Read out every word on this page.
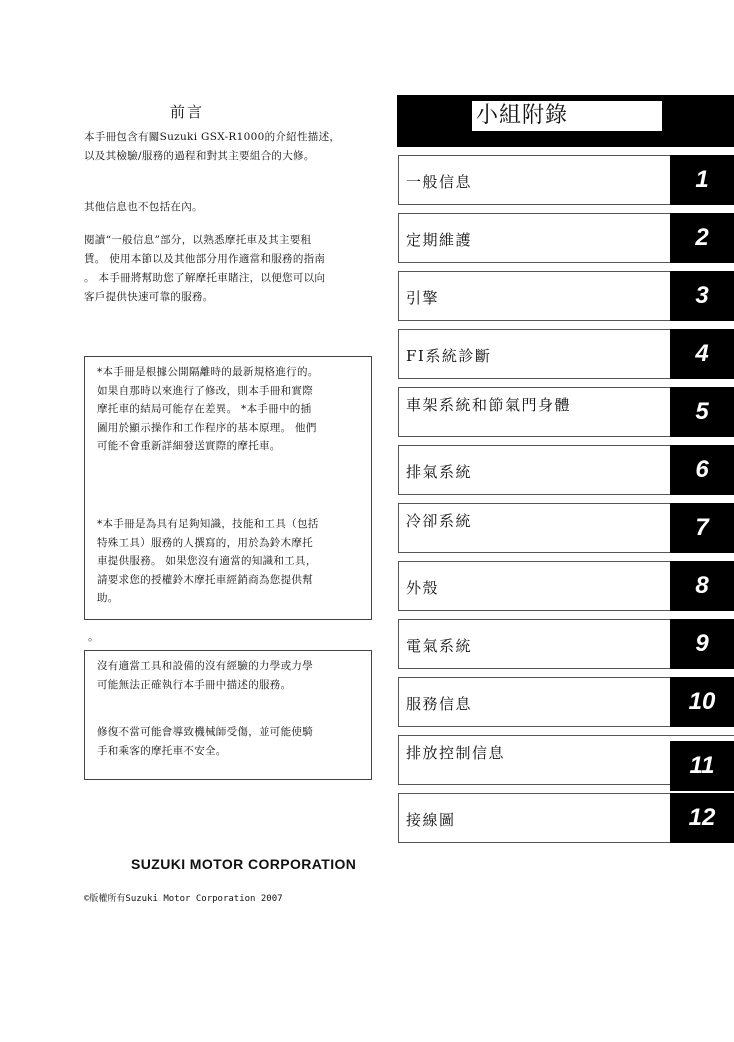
前言
本手冊包含有關Suzuki GSX-R1000的介紹性描述，
以及其檢驗/服務的過程和對其主要組合的大修。
其他信息也不包括在內。
閱讀“一般信息”部分，以熟悉摩托車及其主要租
賃。 使用本節以及其他部分用作適當和服務的指南
。 本手冊將幫助您了解摩托車賭注，以便您可以向
客戶提供快速可靠的服務。
*本手冊是根據公開隔離時的最新規格進行的。
如果自那時以來進行了修改，則本手冊和實際
摩托車的結局可能存在差異。 *本手冊中的插
圖用於顯示操作和工作程序的基本原理。 他們
可能不會重新詳細發送實際的摩托車。
*本手冊是為具有足夠知識，技能和工具（包括
特殊工具）服務的人撰寫的，用於為鈴木摩托
車提供服務。 如果您沒有適當的知識和工具，
請要求您的授權鈴木摩托車經銷商為您提供幫
助。
。
沒有適當工具和設備的沒有經驗的力學或力學
可能無法正確執行本手冊中描述的服務。
修復不當可能會導致機械師受傷，並可能使騎
手和乘客的摩托車不安全。
SUZUKI MOTOR CORPORATION
©版權所有Suzuki Motor Corporation 2007
小組附錄
一般信息	1
定期維護	2
引擎	3
FI系統診斷	4
車架系統和節氣門身體	5
排氣系統	6
冷卻系統	7
外殼	8
電氣系統	9
服務信息	10
排放控制信息	11
接線圖	12
